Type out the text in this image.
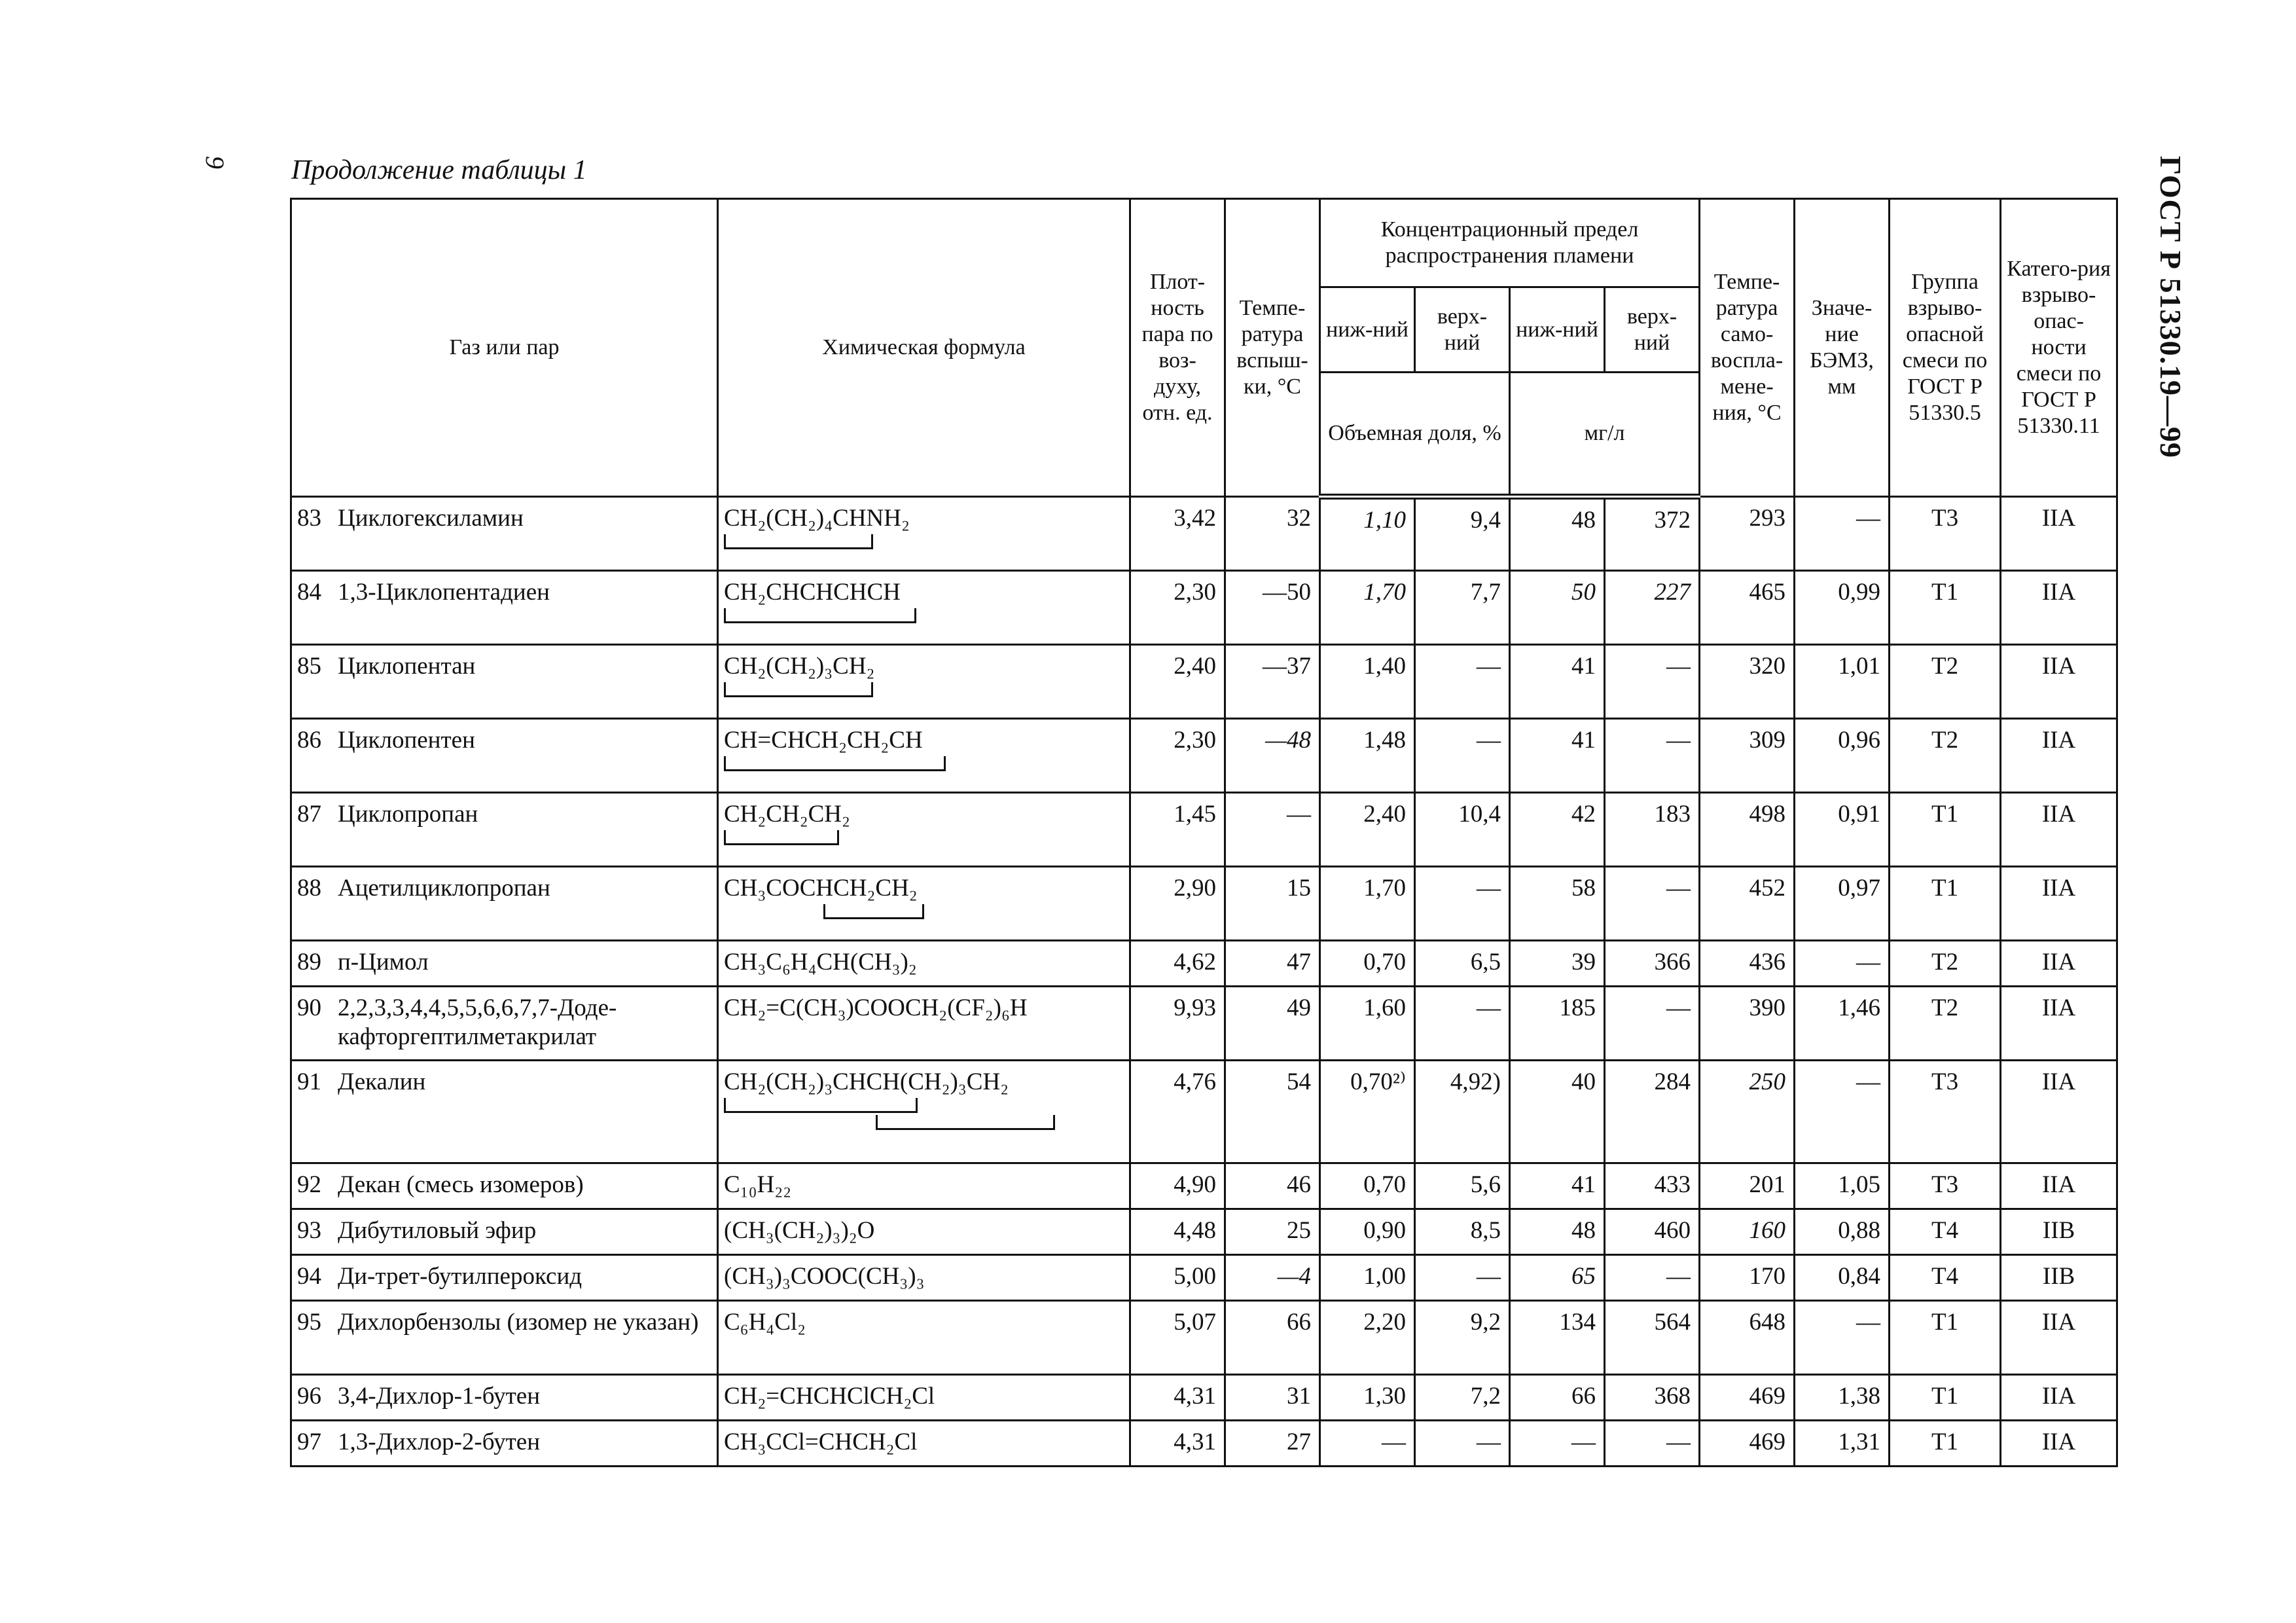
9 Продолжение таблицы 1	ГОСТ Р 51330.19—99
Газ или пар	Химическая формула	Плот-ность пара по воз-духу, отн. ед.	Темпе-ратура вспыш-ки, °C	Концентрационный предел распространения пламени				Темпе-ратура само-воспла-мене-ния, °C	Значе-ние БЭМЗ, мм	Группа взрыво-опасной смеси по ГОСТ Р 51330.5	Катего-рия взрыво-опас-ности смеси по ГОСТ Р 51330.11
				ниж-ний	верх-ний	ниж-ний	верх-ний				
				Объемная доля, %		мг/л					

83 Циклогексиламин	CH₂(CH₂)₄CHNH₂	3,42	32	1,10	9,4	48	372	293	—	T3	IIA

84 1,3-Циклопентадиен	CH₂CHCHCHCH	2,30	—50	1,70	7,7	50	227	465	0,99	T1	IIA

85 Циклопентан	CH₂(CH₂)₃CH₂	2,40	—37	1,40	—	41	—	320	1,01	T2	IIA

86 Циклопентен	CH=CHCH₂CH₂CH	2,30	—48	1,48	—	41	—	309	0,96	T2	IIA

87 Циклопропан	CH₂CH₂CH₂	1,45	—	2,40	10,4	42	183	498	0,91	T1	IIA

88 Ацетилциклопропан	CH₃COCHCH₂CH₂	2,90	15	1,70	—	58	—	452	0,97	T1	IIA

89 п-Цимол	CH₃C₆H₄CH(CH₃)₂	4,62	47	0,70	6,5	39	366	436	—	T2	IIA

90 2,2,3,3,4,4,5,5,6,6,7,7-Доде-кафторгептилметакрилат	CH₂=C(CH₃)COOCH₂(CF₂)₆H	9,93	49	1,60	—	185	—	390	1,46	T2	IIA

91 Декалин	CH₂(CH₂)₃CHCH(CH₂)₃CH₂	4,76	54	0,70²⁾	4,92)	40	284	250	—	T3	IIA

92 Декан (смесь изомеров)	C₁₀H₂₂	4,90	46	0,70	5,6	41	433	201	1,05	T3	IIA

93 Дибутиловый эфир	(CH₃(CH₂)₃)₂O	4,48	25	0,90	8,5	48	460	160	0,88	T4	IIB

94 Ди-трет-бутилпероксид	(CH₃)₃COOC(CH₃)₃	5,00	—4	1,00	—	65	—	170	0,84	T4	IIB

95 Дихлорбензолы (изомер не указан)	C₆H₄Cl₂	5,07	66	2,20	9,2	134	564	648	—	T1	IIA

96 3,4-Дихлор-1-бутен	CH₂=CHCHClCH₂Cl	4,31	31	1,30	7,2	66	368	469	1,38	T1	IIA

97 1,3-Дихлор-2-бутен	CH₃CCl=CHCH₂Cl	4,31	27	—	—	—	—	469	1,31	T1	IIA
